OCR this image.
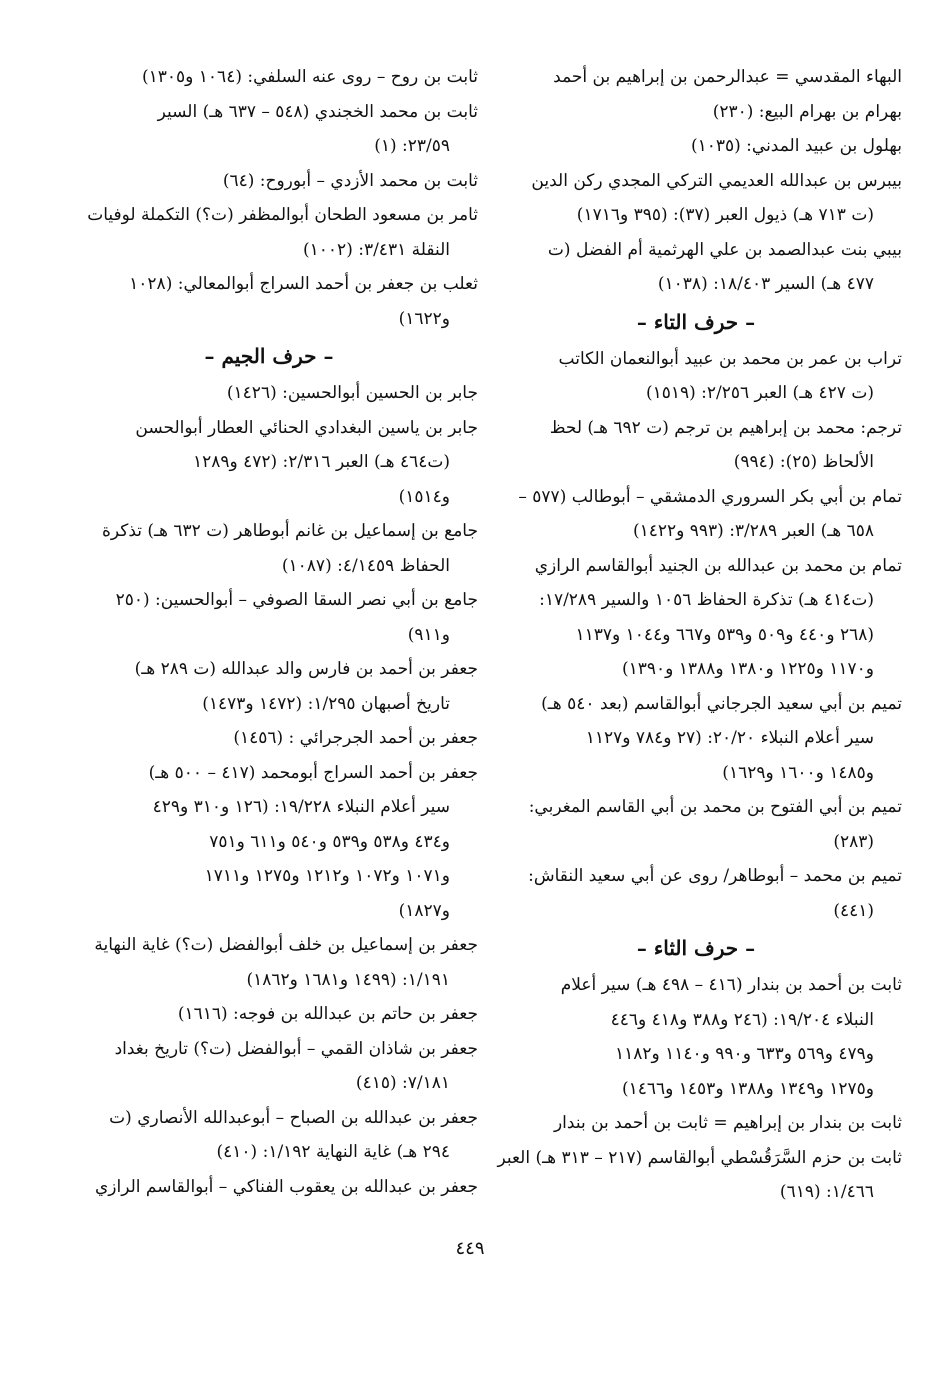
البهاء المقدسي = عبدالرحمن بن إبراهيم بن أحمد
بهرام بن بهرام البيع: (٢٣٠)
بهلول بن عبيد المدني: (١٠٣٥)
بيبرس بن عبدالله العديمي التركي المجدي ركن الدين
(ت ٧١٣ هـ) ذيول العبر (٣٧): (٣٩٥ و١٧١٦)
بيبي بنت عبدالصمد بن علي الهرثمية أم الفضل (ت
٤٧٧ هـ) السير ١٨/٤٠٣: (١٠٣٨)

– حرف التاء –

تراب بن عمر بن محمد بن عبيد أبوالنعمان الكاتب
(ت ٤٢٧ هـ) العبر ٢/٢٥٦: (١٥١٩)
ترجم: محمد بن إبراهيم بن ترجم (ت ٦٩٢ هـ) لحظ
الألحاظ (٢٥): (٩٩٤)
تمام بن أبي بكر السروري الدمشقي – أبوطالب (٥٧٧ –
٦٥٨ هـ) العبر ٣/٢٨٩: (٩٩٣ و١٤٢٢)
تمام بن محمد بن عبدالله بن الجنيد أبوالقاسم الرازي
(ت٤١٤ هـ) تذكرة الحفاظ ١٠٥٦ والسير ١٧/٢٨٩:
(٢٦٨ و٤٤٠ و٥٠٩ و٥٣٩ و٦٦٧ و١٠٤٤ و١١٣٧
و١١٧٠ و١٢٢٥ و١٣٨٠ و١٣٨٨ و١٣٩٠)
تميم بن أبي سعيد الجرجاني أبوالقاسم (بعد ٥٤٠ هـ)
سير أعلام النبلاء ٢٠/٢٠: (٢٧ و٧٨٤ و١١٢٧
و١٤٨٥ و١٦٠٠ و١٦٢٩)
تميم بن أبي الفتوح بن محمد بن أبي القاسم المغربي:
(٢٨٣)
تميم بن محمد – أبوطاهر/ روى عن أبي سعيد النقاش:
(٤٤١)

– حرف الثاء –

ثابت بن أحمد بن بندار (٤١٦ – ٤٩٨ هـ) سير أعلام
النبلاء ١٩/٢٠٤: (٢٤٦ و٣٨٨ و٤١٨ و٤٤٦
و٤٧٩ و٥٦٩ و٦٣٣ و٩٩٠ و١١٤٠ و١١٨٢
و١٢٧٥ و١٣٤٩ و١٣٨٨ و١٤٥٣ و١٤٦٦)
ثابت بن بندار بن إبراهيم = ثابت بن أحمد بن بندار
ثابت بن حزم السَّرَقُسْطي أبوالقاسم (٢١٧ – ٣١٣ هـ) العبر
١/٤٦٦: (٦١٩)
ثابت بن روح – روى عنه السلفي: (١٠٦٤ و١٣٠٥)
ثابت بن محمد الخجندي (٥٤٨ – ٦٣٧ هـ) السير
٢٣/٥٩: (١)
ثابت بن محمد الأزدي – أبوروح: (٦٤)
ثامر بن مسعود الطحان أبوالمظفر (ت؟) التكملة لوفيات
النقلة ٣/٤٣١: (١٠٠٢)
ثعلب بن جعفر بن أحمد السراج أبوالمعالي: (١٠٢٨
و١٦٢٢)

– حرف الجيم –

جابر بن الحسين أبوالحسين: (١٤٢٦)
جابر بن ياسين البغدادي الحنائي العطار أبوالحسن
(ت٤٦٤ هـ) العبر ٢/٣١٦: (٤٧٢ و١٢٨٩
و١٥١٤)
جامع بن إسماعيل بن غانم أبوطاهر (ت ٦٣٢ هـ) تذكرة
الحفاظ ٤/١٤٥٩: (١٠٨٧)
جامع بن أبي نصر السقا الصوفي – أبوالحسين: (٢٥٠
و٩١١)
جعفر بن أحمد بن فارس والد عبدالله (ت ٢٨٩ هـ)
تاريخ أصبهان ١/٢٩٥: (١٤٧٢ و١٤٧٣)
جعفر بن أحمد الجرجرائي : (١٤٥٦)
جعفر بن أحمد السراج أبومحمد (٤١٧ – ٥٠٠ هـ)
سير أعلام النبلاء ١٩/٢٢٨: (١٢٦ و٣١٠ و٤٢٩
و٤٣٤ و٥٣٨ و٥٣٩ و٥٤٠ و٦١١ و٧٥١
و١٠٧١ و١٠٧٢ و١٢١٢ و١٢٧٥ و١٧١١
و١٨٢٧)
جعفر بن إسماعيل بن خلف أبوالفضل (ت؟) غاية النهاية
١/١٩١: (١٤٩٩ و١٦٨١ و١٨٦٢)
جعفر بن حاتم بن عبدالله بن فوجه: (١٦١٦)
جعفر بن شاذان القمي – أبوالفضل (ت؟) تاريخ بغداد
٧/١٨١: (٤١٥)
جعفر بن عبدالله بن الصباح – أبوعبدالله الأنصاري (ت
٢٩٤ هـ) غاية النهاية ١/١٩٢: (٤١٠)
جعفر بن عبدالله بن يعقوب الفناكي – أبوالقاسم الرازي
٤٤٩
